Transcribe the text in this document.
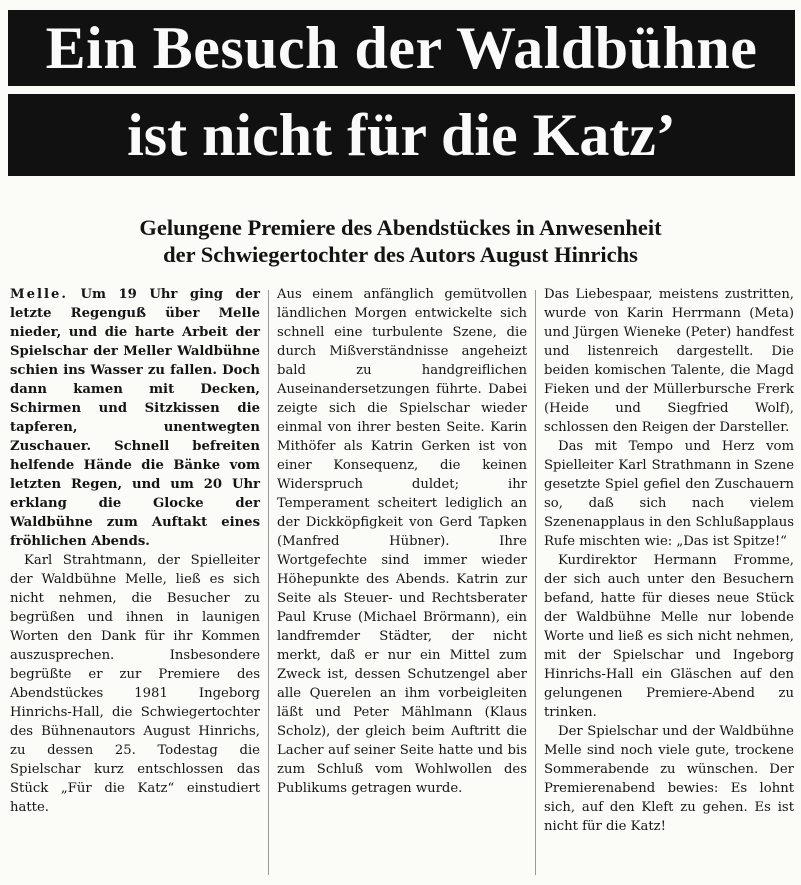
Ein Besuch der Waldbühne
ist nicht für die Katz’
Gelungene Premiere des Abendstückes in Anwesenheit
der Schwiegertochter des Autors August Hinrichs

Melle. Um 19 Uhr ging der letzte Regenguß über Melle nieder, und die harte Arbeit der Spielschar der Meller Waldbühne schien ins Wasser zu fallen. Doch dann kamen mit Decken, Schirmen und Sitzkissen die tapferen, unentwegten Zuschauer. Schnell befreiten helfende Hände die Bänke vom letzten Regen, und um 20 Uhr erklang die Glocke der Waldbühne zum Auftakt eines fröhlichen Abends.

Karl Strahtmann, der Spielleiter der Waldbühne Melle, ließ es sich nicht nehmen, die Besucher zu begrüßen und ihnen in launigen Worten den Dank für ihr Kommen auszusprechen. Insbesondere begrüßte er zur Premiere des Abendstückes 1981 Ingeborg Hinrichs-Hall, die Schwiegertochter des Bühnenautors August Hinrichs, zu dessen 25. Todestag die Spielschar kurz entschlossen das Stück „Für die Katz“ einstudiert hatte.

Aus einem anfänglich gemütvollen ländlichen Morgen entwickelte sich schnell eine turbulente Szene, die durch Mißverständnisse angeheizt bald zu handgreiflichen Auseinandersetzungen führte. Dabei zeigte sich die Spielschar wieder einmal von ihrer besten Seite. Karin Mithöfer als Katrin Gerken ist von einer Konsequenz, die keinen Widerspruch duldet; ihr Temperament scheitert lediglich an der Dickköpfigkeit von Gerd Tapken (Manfred Hübner). Ihre Wortgefechte sind immer wieder Höhepunkte des Abends. Katrin zur Seite als Steuer- und Rechtsberater Paul Kruse (Michael Brörmann), ein landfremder Städter, der nicht merkt, daß er nur ein Mittel zum Zweck ist, dessen Schutzengel aber alle Querelen an ihm vorbeigleiten läßt und Peter Mählmann (Klaus Scholz), der gleich beim Auftritt die Lacher auf seiner Seite hatte und bis zum Schluß vom Wohlwollen des Publikums getragen wurde.

Das Liebespaar, meistens zustritten, wurde von Karin Herrmann (Meta) und Jürgen Wieneke (Peter) handfest und listenreich dargestellt. Die beiden komischen Talente, die Magd Fieken und der Müllerbursche Frerk (Heide und Siegfried Wolf), schlossen den Reigen der Darsteller.

Das mit Tempo und Herz vom Spielleiter Karl Strathmann in Szene gesetzte Spiel gefiel den Zuschauern so, daß sich nach vielem Szenenapplaus in den Schlußapplaus Rufe mischten wie: „Das ist Spitze!“

Kurdirektor Hermann Fromme, der sich auch unter den Besuchern befand, hatte für dieses neue Stück der Waldbühne Melle nur lobende Worte und ließ es sich nicht nehmen, mit der Spielschar und Ingeborg Hinrichs-Hall ein Gläschen auf den gelungenen Premiere-Abend zu trinken.

Der Spielschar und der Waldbühne Melle sind noch viele gute, trockene Sommerabende zu wünschen. Der Premierenabend bewies: Es lohnt sich, auf den Kleft zu gehen. Es ist nicht für die Katz!
